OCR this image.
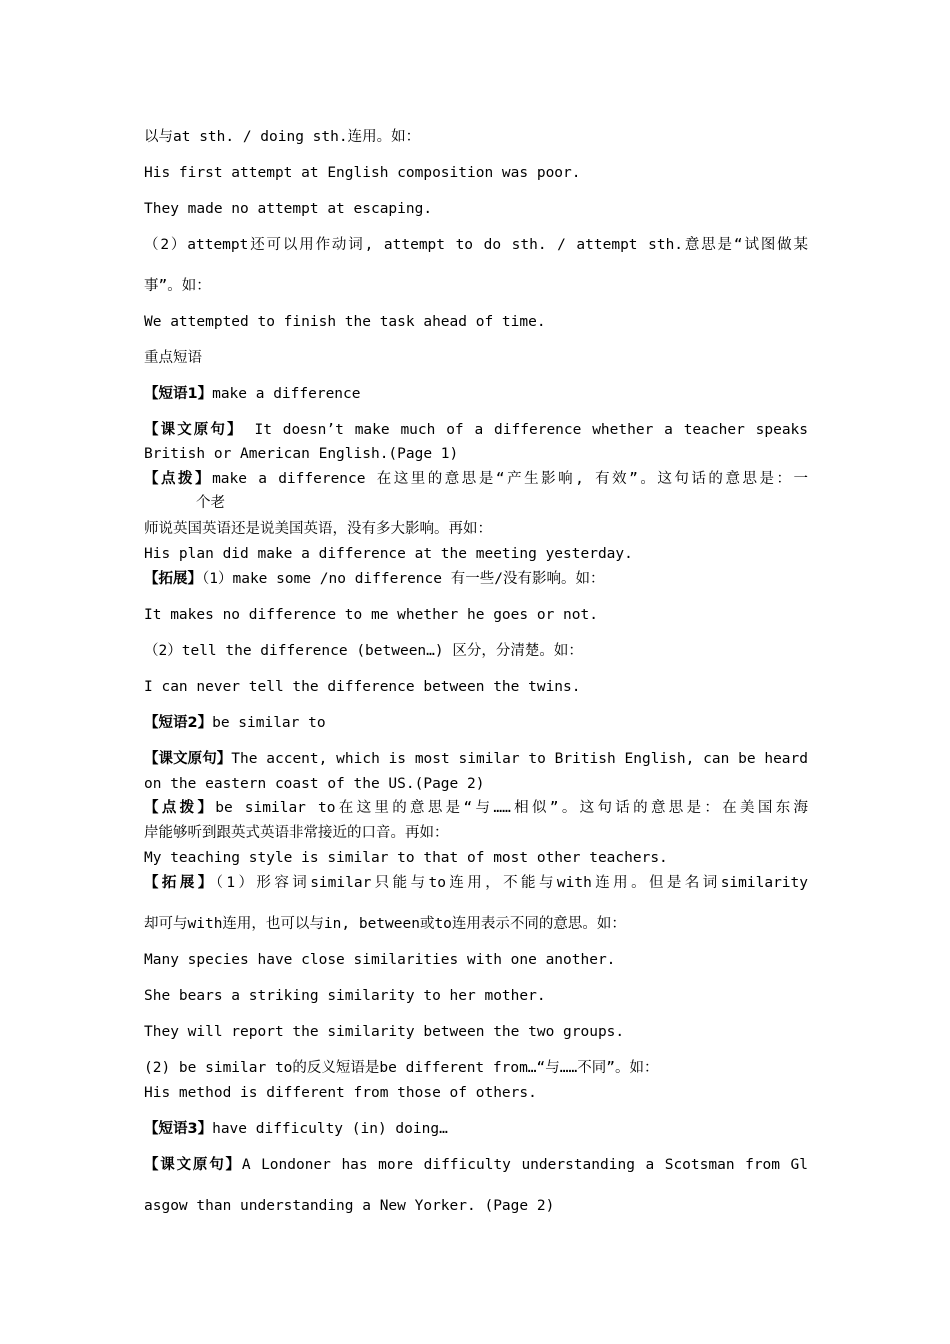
以与at sth. / doing sth.连用。如：
His first attempt at English composition was poor.
They made no attempt at escaping.
（2）attempt还可以用作动词, attempt to do sth. / attempt sth.意思是“试图做某
事”。如：
We attempted to finish the task ahead of time.
重点短语
【短语1】make a difference
【课文原句】 It doesn’t make much of a difference whether a teacher speaks
British or American English.(Page 1)
【点拨】make a difference 在这里的意思是“产生影响, 有效”。这句话的意思是：一
个老
师说英国英语还是说美国英语，没有多大影响。再如：
His plan did make a difference at the meeting yesterday.
【拓展】（1）make some /no difference 有一些/没有影响。如：
It makes no difference to me whether he goes or not.
（2）tell the difference (between…) 区分，分清楚。如：
I can never tell the difference between the twins.
【短语2】be similar to
【课文原句】The accent, which is most similar to British English, can be heard
on the eastern coast of the US.(Page 2)
【点拨】be similar to在这里的意思是“与……相似”。这句话的意思是：在美国东海
岸能够听到跟英式英语非常接近的口音。再如：
My teaching style is similar to that of most other teachers.
【拓展】（1）形容词similar只能与to连用，不能与with连用。但是名词similarity
却可与with连用，也可以与in, between或to连用表示不同的意思。如：
Many species have close similarities with one another.
She bears a striking similarity to her mother.
They will report the similarity between the two groups.
(2) be similar to的反义短语是be different from…“与……不同”。如：
His method is different from those of others.
【短语3】have difficulty (in) doing…
【课文原句】A Londoner has more difficulty understanding a Scotsman from Gl
asgow than understanding a New Yorker. (Page 2)
